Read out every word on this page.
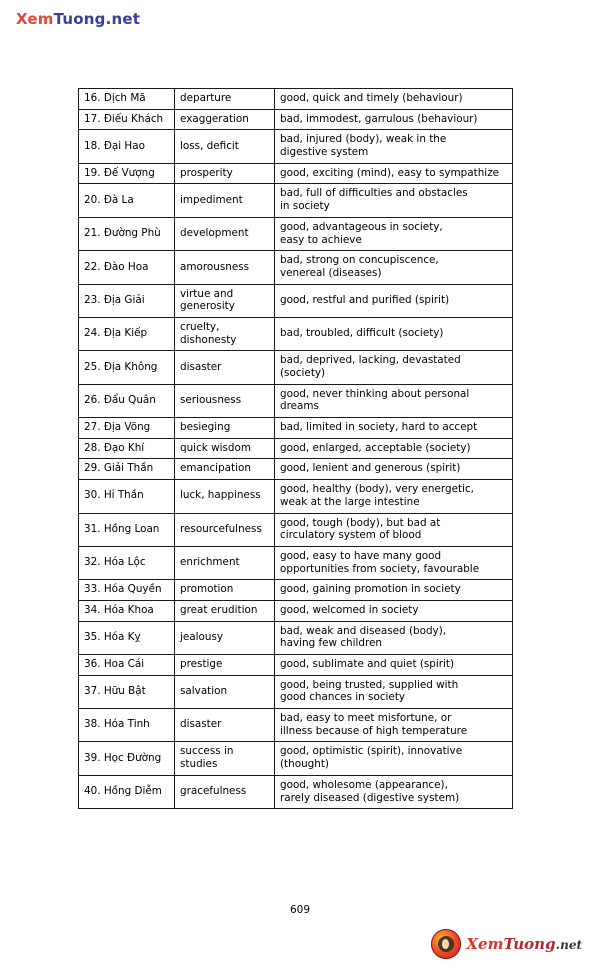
XemTuong.net
16. Dịch Mã	departure	good, quick and timely (behaviour)

17. Điếu Khách	exaggeration	bad, immodest, garrulous (behaviour)

18. Đại Hao	loss, deficit	bad, injured (body), weak in the
digestive system

19. Đế Vượng	prosperity	good, exciting (mind), easy to sympathize

20. Đà La	impediment	bad, full of difficulties and obstacles
in society

21. Đường Phù	development	good, advantageous in society,
easy to achieve

22. Đào Hoa	amorousness	bad, strong on concupiscence,
venereal (diseases)

23. Địa Giải	virtue and generosity	good, restful and purified (spirit)

24. Địa Kiếp	cruelty, dishonesty	bad, troubled, difficult (society)

25. Địa Không	disaster	bad, deprived, lacking, devastated
(society)

26. Đẩu Quân	seriousness	good, never thinking about personal
dreams

27. Địa Võng	besieging	bad, limited in society, hard to accept

28. Đạo Khí	quick wisdom	good, enlarged, acceptable (society)

29. Giải Thần	emancipation	good, lenient and generous (spirit)

30. Hỉ Thần	luck, happiness	good, healthy (body), very energetic,
weak at the large intestine

31. Hồng Loan	resourcefulness	good, tough (body), but bad at
circulatory system of blood

32. Hóa Lộc	enrichment	good, easy to have many good
opportunities from society, favourable

33. Hóa Quyền	promotion	good, gaining promotion in society

34. Hóa Khoa	great erudition	good, welcomed in society

35. Hóa Kỵ	jealousy	bad, weak and diseased (body),
having few children

36. Hoa Cái	prestige	good, sublimate and quiet (spirit)

37. Hữu Bật	salvation	good, being trusted, supplied with
good chances in society

38. Hóa Tinh	disaster	bad, easy to meet misfortune, or
illness because of high temperature

39. Học Đường	success in studies	good, optimistic (spirit), innovative
(thought)

40. Hồng Diễm	gracefulness	good, wholesome (appearance),
rarely diseased (digestive system)
609
XemTuong.net
